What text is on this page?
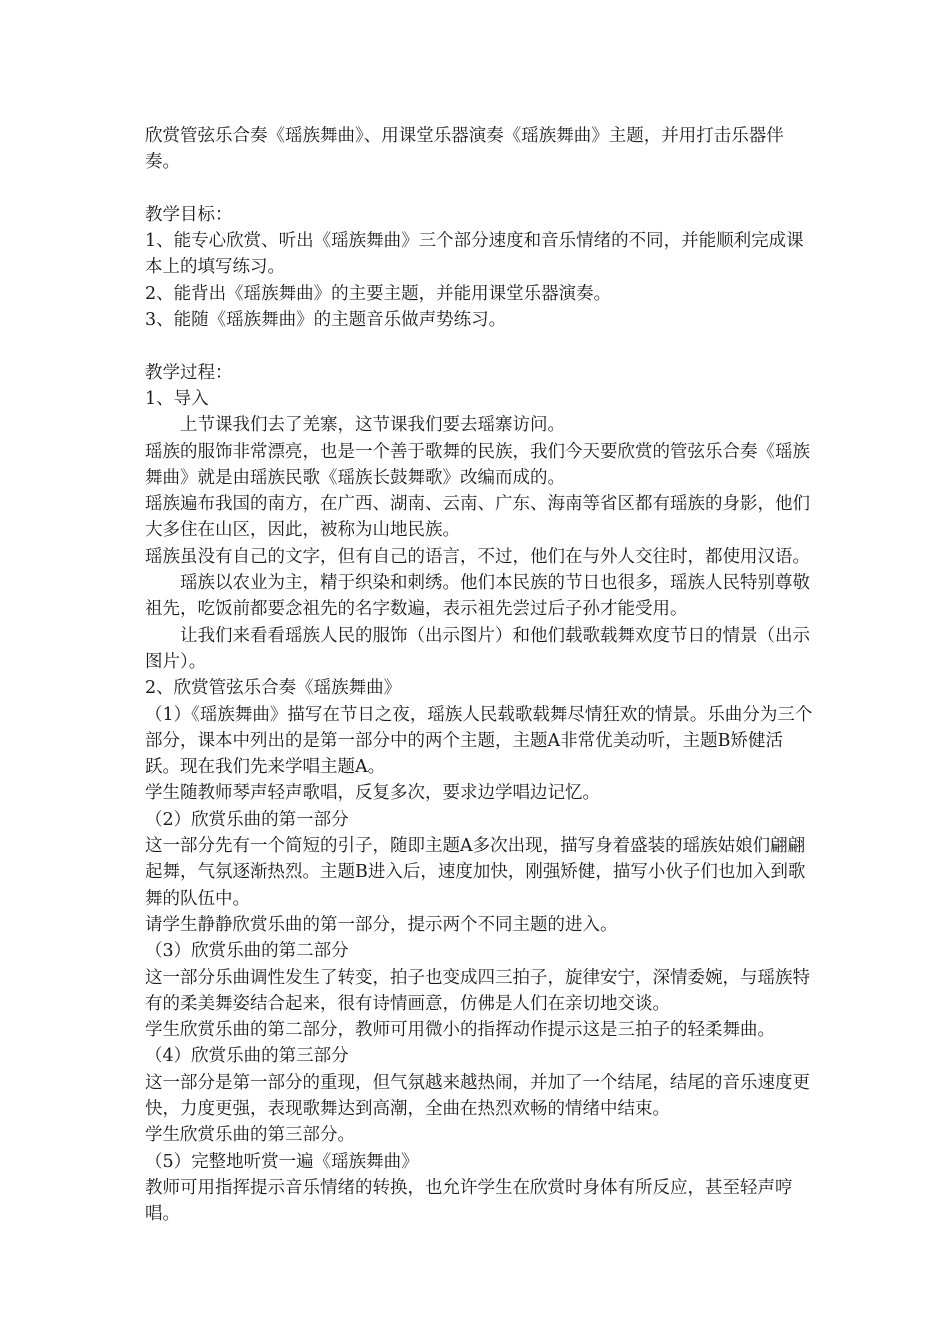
欣赏管弦乐合奏《瑶族舞曲》、用课堂乐器演奏《瑶族舞曲》主题，并用打击乐器伴奏。

教学目标：

1、能专心欣赏、听出《瑶族舞曲》三个部分速度和音乐情绪的不同，并能顺利完成课本上的填写练习。

2、能背出《瑶族舞曲》的主要主题，并能用课堂乐器演奏。

3、能随《瑶族舞曲》的主题音乐做声势练习。

教学过程：

1、导入

上节课我们去了羌寨，这节课我们要去瑶寨访问。

瑶族的服饰非常漂亮，也是一个善于歌舞的民族，我们今天要欣赏的管弦乐合奏《瑶族舞曲》就是由瑶族民歌《瑶族长鼓舞歌》改编而成的。

瑶族遍布我国的南方，在广西、湖南、云南、广东、海南等省区都有瑶族的身影，他们大多住在山区，因此，被称为山地民族。

瑶族虽没有自己的文字，但有自己的语言，不过，他们在与外人交往时，都使用汉语。

瑶族以农业为主，精于织染和刺绣。他们本民族的节日也很多，瑶族人民特别尊敬祖先，吃饭前都要念祖先的名字数遍，表示祖先尝过后子孙才能受用。

让我们来看看瑶族人民的服饰（出示图片）和他们载歌载舞欢度节日的情景（出示图片）。

2、欣赏管弦乐合奏《瑶族舞曲》

（1）《瑶族舞曲》描写在节日之夜，瑶族人民载歌载舞尽情狂欢的情景。乐曲分为三个部分，课本中列出的是第一部分中的两个主题，主题A非常优美动听，主题B矫健活跃。现在我们先来学唱主题A。

学生随教师琴声轻声歌唱，反复多次，要求边学唱边记忆。

（2）欣赏乐曲的第一部分

这一部分先有一个简短的引子，随即主题A多次出现，描写身着盛装的瑶族姑娘们翩翩起舞，气氛逐渐热烈。主题B进入后，速度加快，刚强矫健，描写小伙子们也加入到歌舞的队伍中。

请学生静静欣赏乐曲的第一部分，提示两个不同主题的进入。

（3）欣赏乐曲的第二部分

这一部分乐曲调性发生了转变，拍子也变成四三拍子，旋律安宁，深情委婉，与瑶族特有的柔美舞姿结合起来，很有诗情画意，仿佛是人们在亲切地交谈。

学生欣赏乐曲的第二部分，教师可用微小的指挥动作提示这是三拍子的轻柔舞曲。

（4）欣赏乐曲的第三部分

这一部分是第一部分的重现，但气氛越来越热闹，并加了一个结尾，结尾的音乐速度更快，力度更强，表现歌舞达到高潮，全曲在热烈欢畅的情绪中结束。

学生欣赏乐曲的第三部分。

（5）完整地听赏一遍《瑶族舞曲》

教师可用指挥提示音乐情绪的转换，也允许学生在欣赏时身体有所反应，甚至轻声哼唱。
